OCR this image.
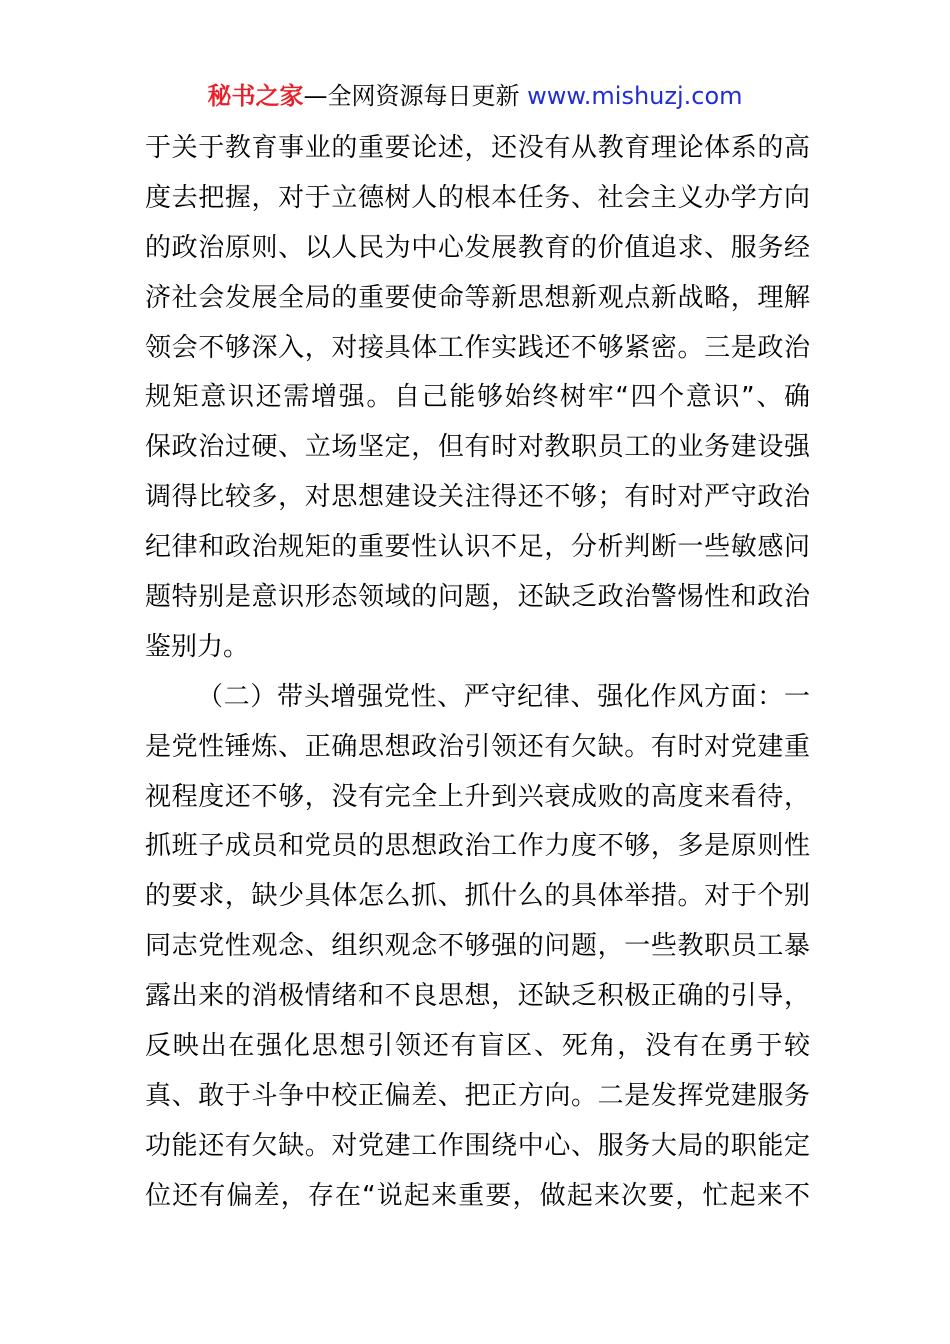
秘书之家—全网资源每日更新 www.mishuzj.com
于关于教育事业的重要论述，还没有从教育理论体系的高
度去把握，对于立德树人的根本任务、社会主义办学方向
的政治原则、以人民为中心发展教育的价值追求、服务经
济社会发展全局的重要使命等新思想新观点新战略，理解
领会不够深入，对接具体工作实践还不够紧密。三是政治
规矩意识还需增强。自己能够始终树牢“四个意识”、确
保政治过硬、立场坚定，但有时对教职员工的业务建设强
调得比较多，对思想建设关注得还不够；有时对严守政治
纪律和政治规矩的重要性认识不足，分析判断一些敏感问
题特别是意识形态领域的问题，还缺乏政治警惕性和政治
鉴别力。
（二）带头增强党性、严守纪律、强化作风方面：一
是党性锤炼、正确思想政治引领还有欠缺。有时对党建重
视程度还不够，没有完全上升到兴衰成败的高度来看待，
抓班子成员和党员的思想政治工作力度不够，多是原则性
的要求，缺少具体怎么抓、抓什么的具体举措。对于个别
同志党性观念、组织观念不够强的问题，一些教职员工暴
露出来的消极情绪和不良思想，还缺乏积极正确的引导，
反映出在强化思想引领还有盲区、死角，没有在勇于较
真、敢于斗争中校正偏差、把正方向。二是发挥党建服务
功能还有欠缺。对党建工作围绕中心、服务大局的职能定
位还有偏差，存在“说起来重要，做起来次要，忙起来不
